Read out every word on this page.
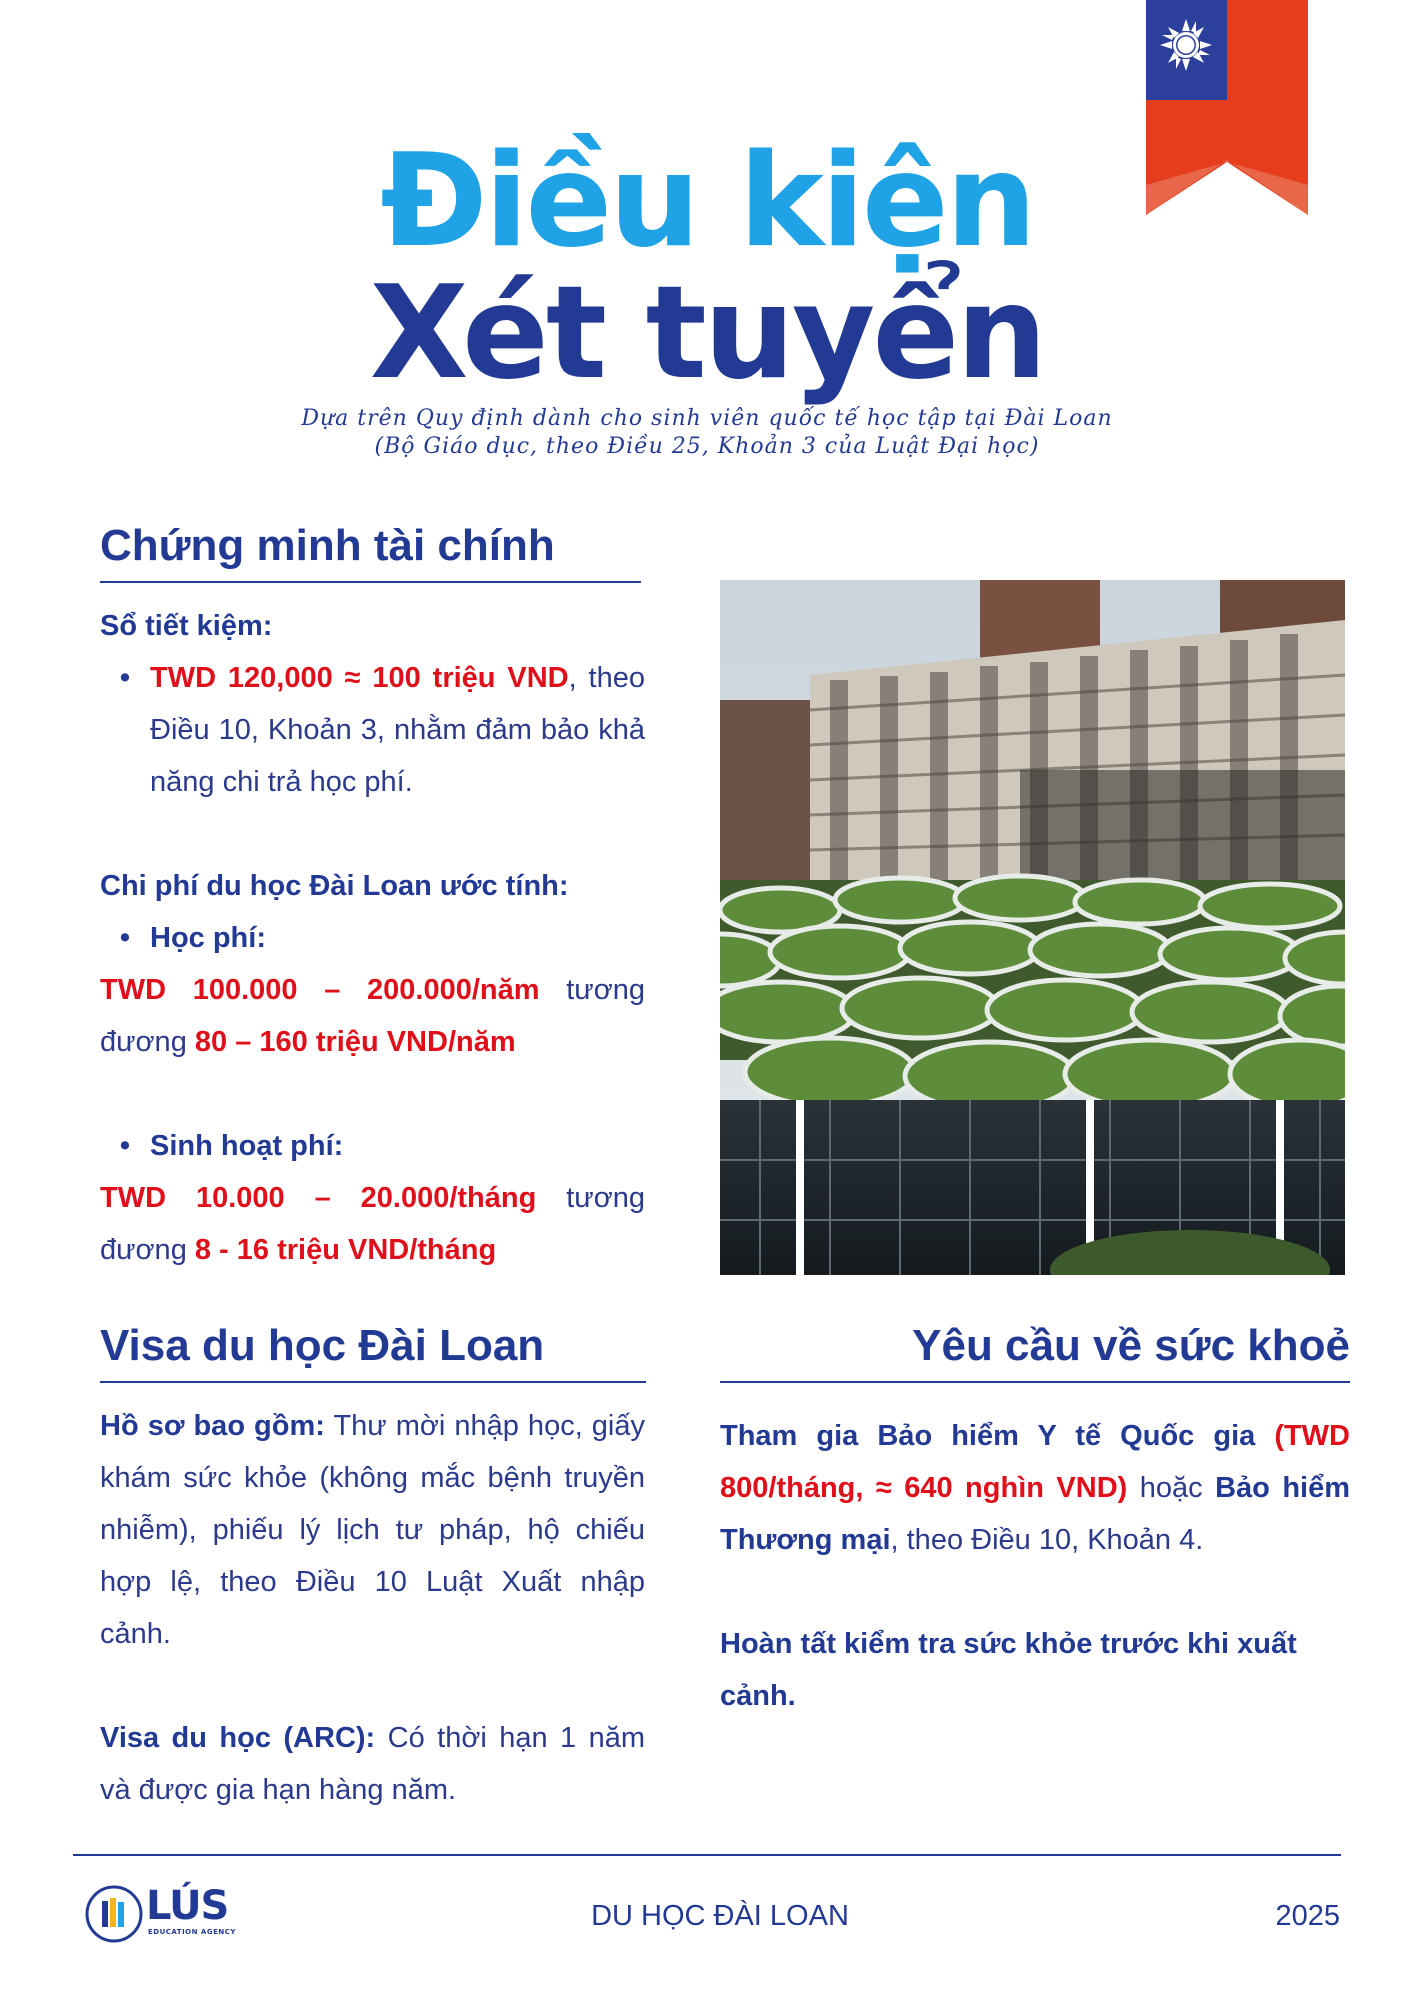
Điều kiện
Xét tuyển
Dựa trên Quy định dành cho sinh viên quốc tế học tập tại Đài Loan
(Bộ Giáo dục, theo Điều 25, Khoản 3 của Luật Đại học)
Chứng minh tài chính
Sổ tiết kiệm:
• TWD 120,000 ≈ 100 triệu VND, theo Điều 10, Khoản 3, nhằm đảm bảo khả năng chi trả học phí.
Chi phí du học Đài Loan ước tính:
• Học phí:
TWD 100.000 – 200.000/năm tương đương 80 – 160 triệu VND/năm
• Sinh hoạt phí:
TWD 10.000 – 20.000/tháng tương đương 8 - 16 triệu VND/tháng
Visa du học Đài Loan
Hồ sơ bao gồm: Thư mời nhập học, giấy khám sức khỏe (không mắc bệnh truyền nhiễm), phiếu lý lịch tư pháp, hộ chiếu hợp lệ, theo Điều 10 Luật Xuất nhập cảnh.
Visa du học (ARC): Có thời hạn 1 năm và được gia hạn hàng năm.
Yêu cầu về sức khoẻ
Tham gia Bảo hiểm Y tế Quốc gia (TWD 800/tháng, ≈ 640 nghìn VND) hoặc Bảo hiểm Thương mại, theo Điều 10, Khoản 4.
Hoàn tất kiểm tra sức khỏe trước khi xuất cảnh.
LÚS
EDUCATION AGENCY	DU HỌC ĐÀI LOAN	2025
